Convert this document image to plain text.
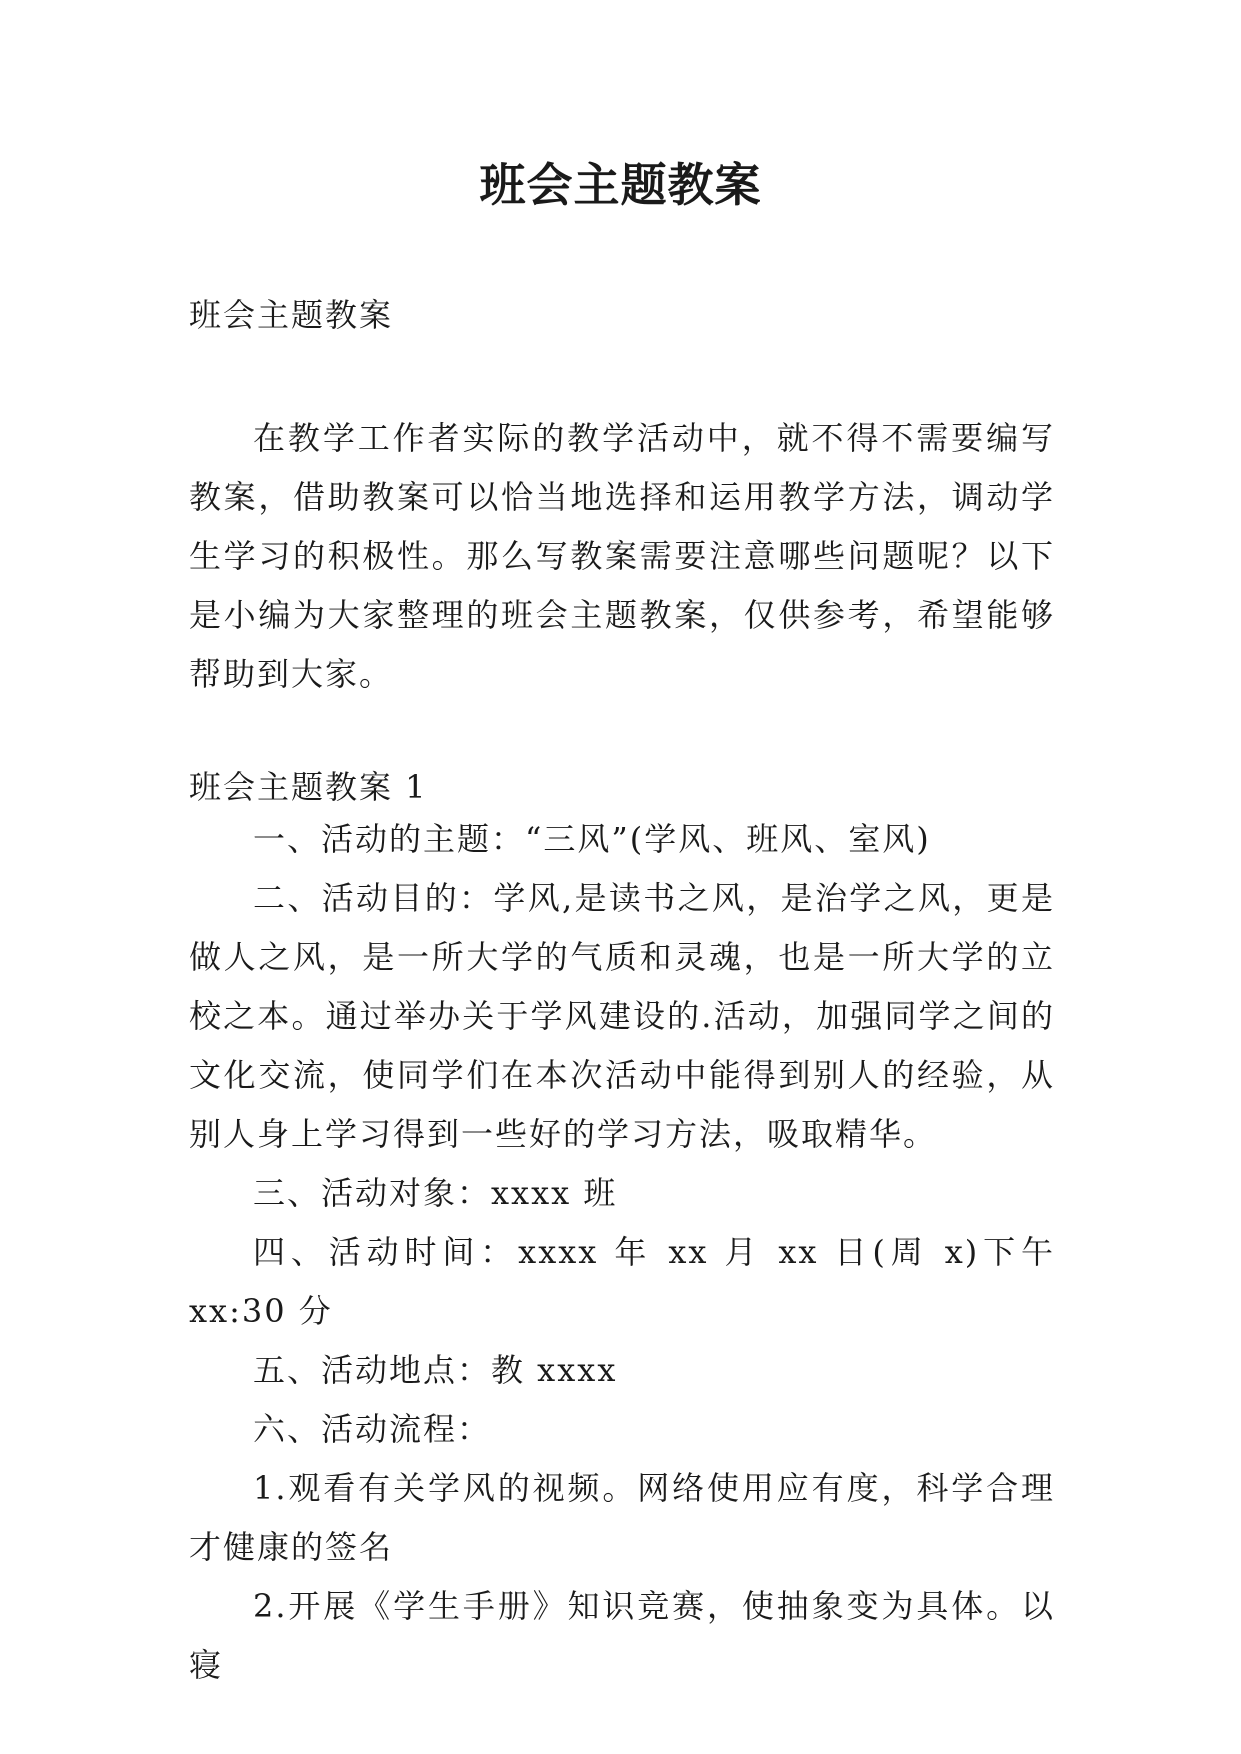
班会主题教案

班会主题教案

在教学工作者实际的教学活动中，就不得不需要编写教案，借助教案可以恰当地选择和运用教学方法，调动学生学习的积极性。那么写教案需要注意哪些问题呢？以下是小编为大家整理的班会主题教案，仅供参考，希望能够帮助到大家。

班会主题教案 1

一、活动的主题：“三风”(学风、班风、室风)

二、活动目的：学风,是读书之风，是治学之风，更是做人之风，是一所大学的气质和灵魂，也是一所大学的立校之本。通过举办关于学风建设的.活动，加强同学之间的文化交流，使同学们在本次活动中能得到别人的经验，从别人身上学习得到一些好的学习方法，吸取精华。

三、活动对象：xxxx 班

四、活动时间：xxxx 年 xx 月 xx 日(周 x)下午 xx:30 分

五、活动地点：教 xxxx

六、活动流程：

1.观看有关学风的视频。网络使用应有度，科学合理才健康的签名

2.开展《学生手册》知识竞赛，使抽象变为具体。以寝
